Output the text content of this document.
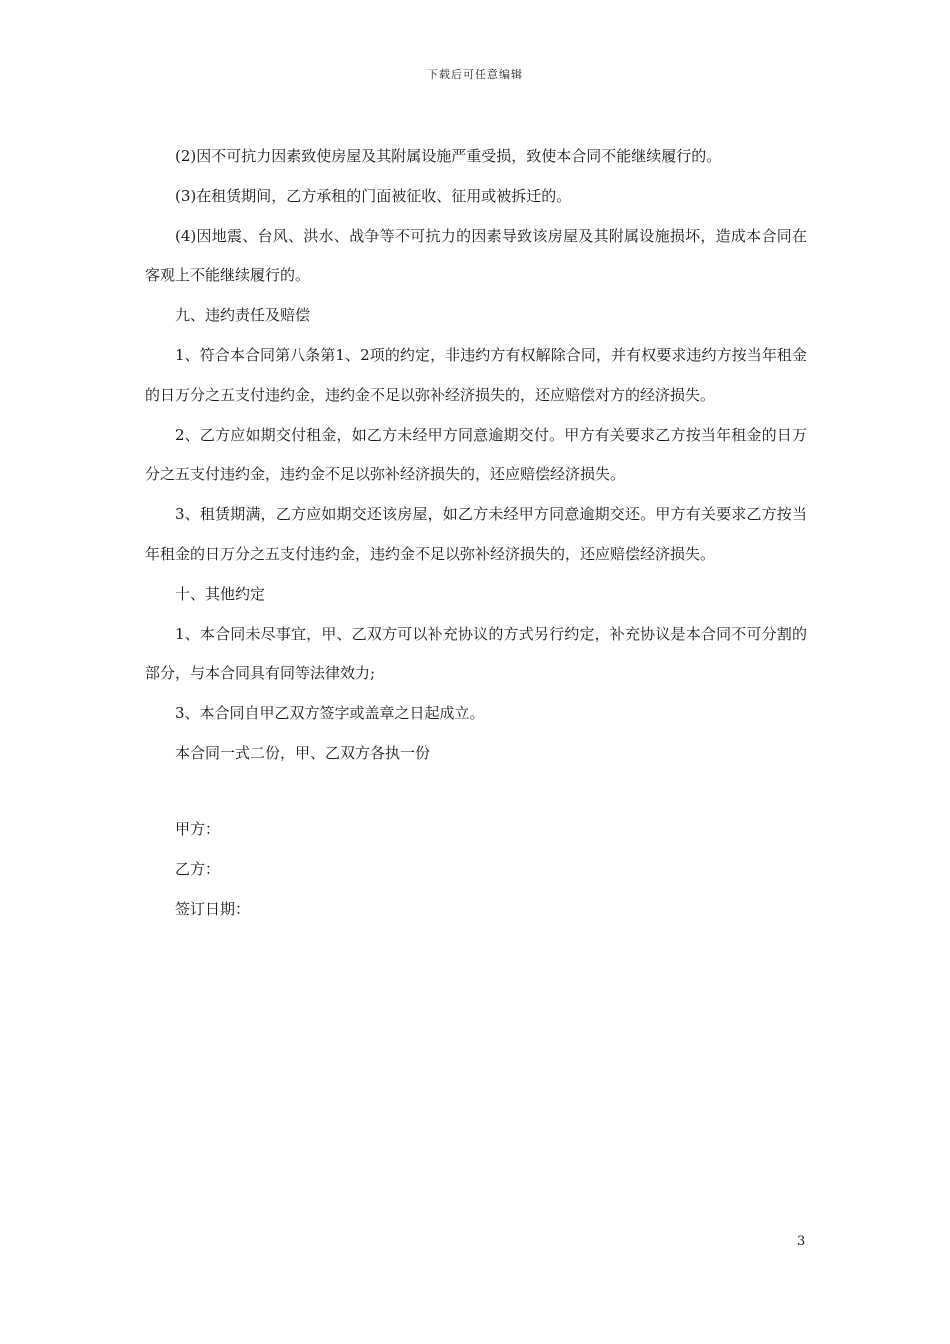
下载后可任意编辑

(2)因不可抗力因素致使房屋及其附属设施严重受损，致使本合同不能继续履行的。

(3)在租赁期间，乙方承租的门面被征收、征用或被拆迁的。

(4)因地震、台风、洪水、战争等不可抗力的因素导致该房屋及其附属设施损坏，造成本合同在客观上不能继续履行的。

九、违约责任及赔偿

1、符合本合同第八条第1、2项的约定，非违约方有权解除合同，并有权要求违约方按当年租金的日万分之五支付违约金，违约金不足以弥补经济损失的，还应赔偿对方的经济损失。

2、乙方应如期交付租金，如乙方未经甲方同意逾期交付。甲方有关要求乙方按当年租金的日万分之五支付违约金，违约金不足以弥补经济损失的，还应赔偿经济损失。

3、租赁期满，乙方应如期交还该房屋，如乙方未经甲方同意逾期交还。甲方有关要求乙方按当年租金的日万分之五支付违约金，违约金不足以弥补经济损失的，还应赔偿经济损失。

十、其他约定

1、本合同未尽事宜，甲、乙双方可以补充协议的方式另行约定，补充协议是本合同不可分割的部分，与本合同具有同等法律效力;

3、本合同自甲乙双方签字或盖章之日起成立。

本合同一式二份，甲、乙双方各执一份

甲方：
乙方：
签订日期：
3
